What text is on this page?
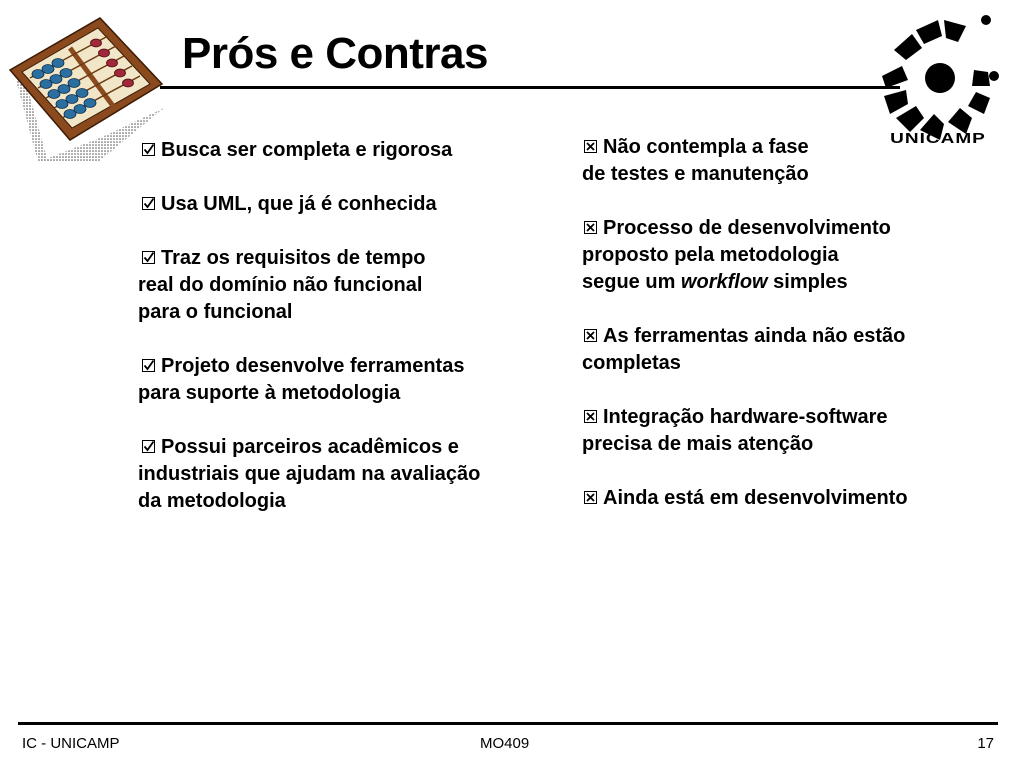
Prós e Contras
UNICAMP
Busca ser completa e rigorosa
Usa UML, que já é conhecida
Traz os requisitos de tempo
real do domínio não funcional
para o funcional
Projeto desenvolve ferramentas
para suporte à metodologia
Possui parceiros acadêmicos e
industriais que ajudam na avaliação
da metodologia
Não contempla a fase
de testes e manutenção
Processo de desenvolvimento
proposto pela metodologia
segue um workflow simples
As ferramentas ainda não estão
completas
Integração hardware-software
precisa de mais atenção
Ainda está em desenvolvimento
IC - UNICAMP	MO409	17
